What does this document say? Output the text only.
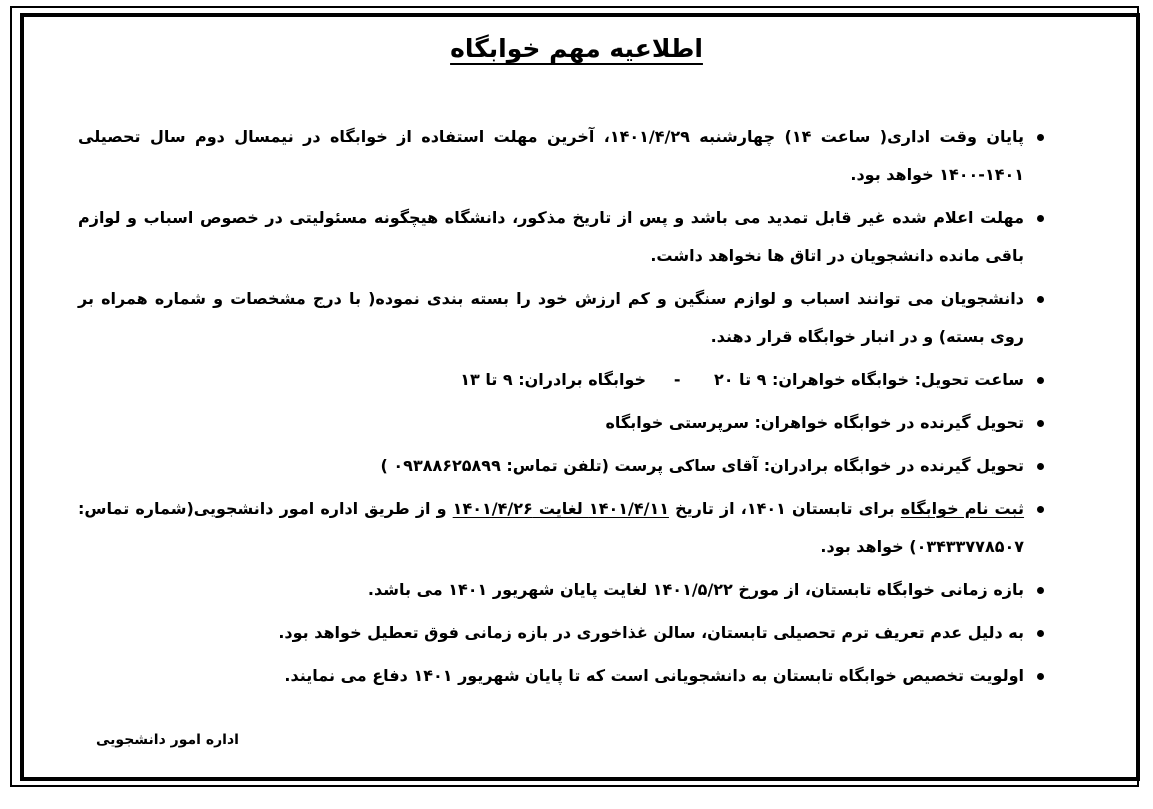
اطلاعیه مهم خوابگاه
پایان وقت اداری( ساعت ۱۴) چهارشنبه ۱۴۰۱/۴/۲۹، آخرین مهلت استفاده از خوابگاه در نیمسال دوم سال تحصیلی ۱۴۰۱-۱۴۰۰ خواهد بود.
مهلت اعلام شده غیر قابل تمدید می باشد و پس از تاریخ مذکور، دانشگاه هیچگونه مسئولیتی در خصوص اسباب و لوازم باقی مانده دانشجویان در اتاق ها نخواهد داشت.
دانشجویان می توانند اسباب و لوازم سنگین و کم ارزش خود را بسته بندی نموده( با درج مشخصات و شماره همراه بر روی بسته) و در انبار خوابگاه قرار دهند.
ساعت تحویل: خوابگاه خواهران: ۹ تا ۲۰      -     خوابگاه برادران: ۹ تا ۱۳
تحویل گیرنده در خوابگاه خواهران: سرپرستی خوابگاه
تحویل گیرنده در خوابگاه برادران: آقای ساکی پرست (تلفن تماس: ۰۹۳۸۸۶۲۵۸۹۹ )
ثبت نام خوابگاه برای تابستان ۱۴۰۱، از تاریخ ۱۴۰۱/۴/۱۱ لغایت ۱۴۰۱/۴/۲۶ و از طریق اداره امور دانشجویی(شماره تماس: ۰۳۴۳۳۷۷۸۵۰۷) خواهد بود.
بازه زمانی خوابگاه تابستان، از مورخ ۱۴۰۱/۵/۲۲ لغایت پایان شهریور ۱۴۰۱ می باشد.
به دلیل عدم تعریف ترم تحصیلی تابستان، سالن غذاخوری در بازه زمانی فوق تعطیل خواهد بود.
اولویت تخصیص خوابگاه تابستان به دانشجویانی است که تا پایان شهریور ۱۴۰۱ دفاع می نمایند.
اداره امور دانشجویی
